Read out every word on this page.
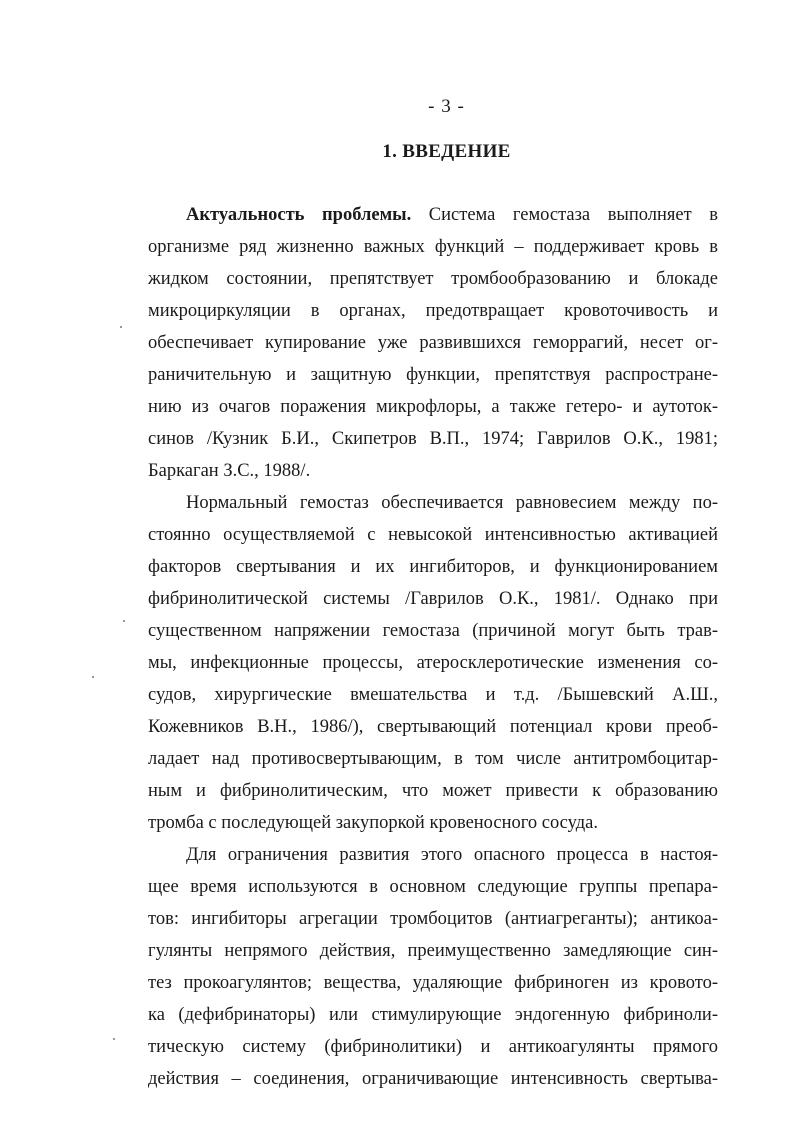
- 3 -
1. ВВЕДЕНИЕ
Актуальность проблемы. Система гемостаза выполняет в
организме ряд жизненно важных функций – поддерживает кровь в
жидком состоянии, препятствует тромбообразованию и блокаде
микроциркуляции в органах, предотвращает кровоточивость и
обеспечивает купирование уже развившихся геморрагий, несет ог-
раничительную и защитную функции, препятствуя распростране-
нию из очагов поражения микрофлоры, а также гетеро- и аутоток-
синов /Кузник Б.И., Скипетров В.П., 1974; Гаврилов О.К., 1981;
Баркаган З.С., 1988/.
Нормальный гемостаз обеспечивается равновесием между по-
стоянно осуществляемой с невысокой интенсивностью активацией
факторов свертывания и их ингибиторов, и функционированием
фибринолитической системы /Гаврилов О.К., 1981/. Однако при
существенном напряжении гемостаза (причиной могут быть трав-
мы, инфекционные процессы, атеросклеротические изменения со-
судов, хирургические вмешательства и т.д. /Бышевский А.Ш.,
Кожевников В.Н., 1986/), свертывающий потенциал крови преоб-
ладает над противосвертывающим, в том числе антитромбоцитар-
ным и фибринолитическим, что может привести к образованию
тромба с последующей закупоркой кровеносного сосуда.
Для ограничения развития этого опасного процесса в настоя-
щее время используются в основном следующие группы препара-
тов: ингибиторы агрегации тромбоцитов (антиагреганты); антикоа-
гулянты непрямого действия, преимущественно замедляющие син-
тез прокоагулянтов; вещества, удаляющие фибриноген из кровото-
ка (дефибринаторы) или стимулирующие эндогенную фибриноли-
тическую систему (фибринолитики) и антикоагулянты прямого
действия – соединения, ограничивающие интенсивность свертыва-
